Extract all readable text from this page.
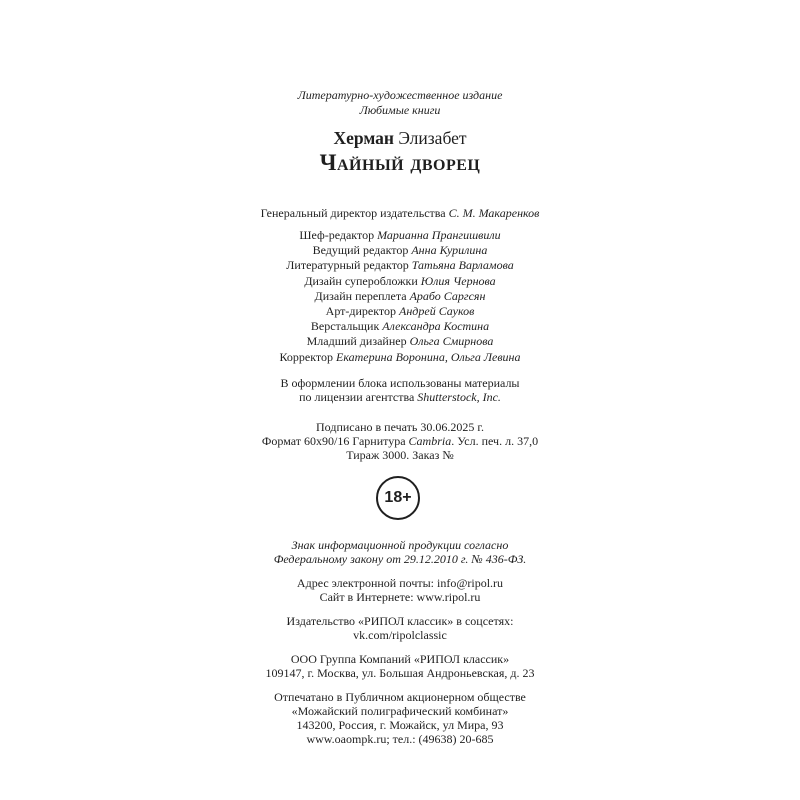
Литературно-художественное издание
Любимые книги
Херман Элизабет
Чайный дворец
Генеральный директор издательства С. М. Макаренков
Шеф-редактор Марианна Прангишвили
Ведущий редактор Анна Курилина
Литературный редактор Татьяна Варламова
Дизайн суперобложки Юлия Чернова
Дизайн переплета Арабо Саргсян
Арт-директор Андрей Сауков
Верстальщик Александра Костина
Младший дизайнер Ольга Смирнова
Корректор Екатерина Воронина, Ольга Левина
В оформлении блока использованы материалы
по лицензии агентства Shutterstock, Inc.
Подписано в печать 30.06.2025 г.
Формат 60х90/16 Гарнитура Cambria. Усл. печ. л. 37,0
Тираж 3000. Заказ №
18+
Знак информационной продукции согласно
Федеральному закону от 29.12.2010 г. № 436-ФЗ.
Адрес электронной почты: info@ripol.ru
Сайт в Интернете: www.ripol.ru
Издательство «РИПОЛ классик» в соцсетях:
vk.com/ripolclassic
ООО Группа Компаний «РИПОЛ классик»
109147, г. Москва, ул. Большая Андроньевская, д. 23
Отпечатано в Публичном акционерном обществе
«Можайский полиграфический комбинат»
143200, Россия, г. Можайск, ул Мира, 93
www.oaompk.ru; тел.: (49638) 20-685
